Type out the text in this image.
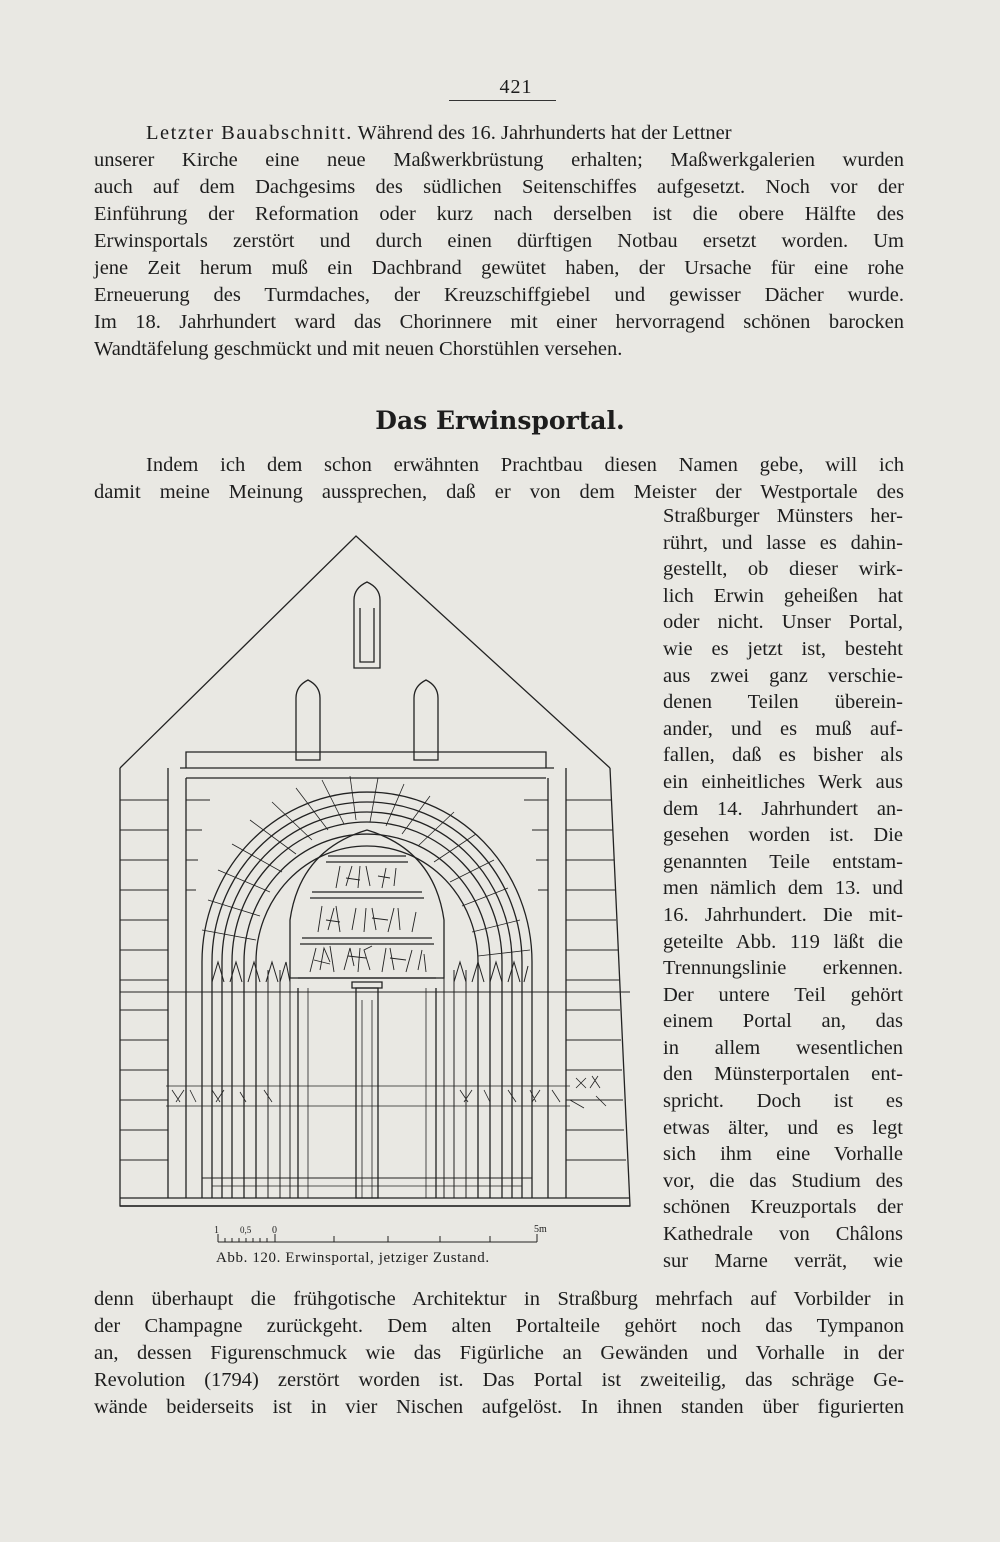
421
Letzter Bauabschnitt. Während des 16. Jahrhunderts hat der Lettner
unserer Kirche eine neue Maßwerkbrüstung erhalten; Maßwerkgalerien wurden
auch auf dem Dachgesims des südlichen Seitenschiffes aufgesetzt. Noch vor der
Einführung der Reformation oder kurz nach derselben ist die obere Hälfte des
Erwinsportals zerstört und durch einen dürftigen Notbau ersetzt worden. Um
jene Zeit herum muß ein Dachbrand gewütet haben, der Ursache für eine rohe
Erneuerung des Turmdaches, der Kreuzschiffgiebel und gewisser Dächer wurde.
Im 18. Jahrhundert ward das Chorinnere mit einer hervorragend schönen barocken
Wandtäfelung geschmückt und mit neuen Chorstühlen versehen.
Das Erwinsportal.
Indem ich dem schon erwähnten Prachtbau diesen Namen gebe, will ich
damit meine Meinung aussprechen, daß er von dem Meister der Westportale des
Straßburger Münsters her-
rührt, und lasse es dahin-
gestellt, ob dieser wirk-
lich Erwin geheißen hat
oder nicht. Unser Portal,
wie es jetzt ist, besteht
aus zwei ganz verschie-
denen Teilen überein-
ander, und es muß auf-
fallen, daß es bisher als
ein einheitliches Werk aus
dem 14. Jahrhundert an-
gesehen worden ist. Die
genannten Teile entstam-
men nämlich dem 13. und
16. Jahrhundert. Die mit-
geteilte Abb. 119 läßt die
Trennungslinie erkennen.
Der untere Teil gehört
einem Portal an, das
in allem wesentlichen
den Münsterportalen ent-
spricht. Doch ist es
etwas älter, und es legt
sich ihm eine Vorhalle
vor, die das Studium des
schönen Kreuzportals der
Kathedrale von Châlons
sur Marne verrät, wie
1 0,5 0	5m
Abb. 120. Erwinsportal, jetziger Zustand.
denn überhaupt die frühgotische Architektur in Straßburg mehrfach auf Vorbilder in
der Champagne zurückgeht. Dem alten Portalteile gehört noch das Tympanon
an, dessen Figurenschmuck wie das Figürliche an Gewänden und Vorhalle in der
Revolution (1794) zerstört worden ist. Das Portal ist zweiteilig, das schräge Ge-
wände beiderseits ist in vier Nischen aufgelöst. In ihnen standen über figurierten
